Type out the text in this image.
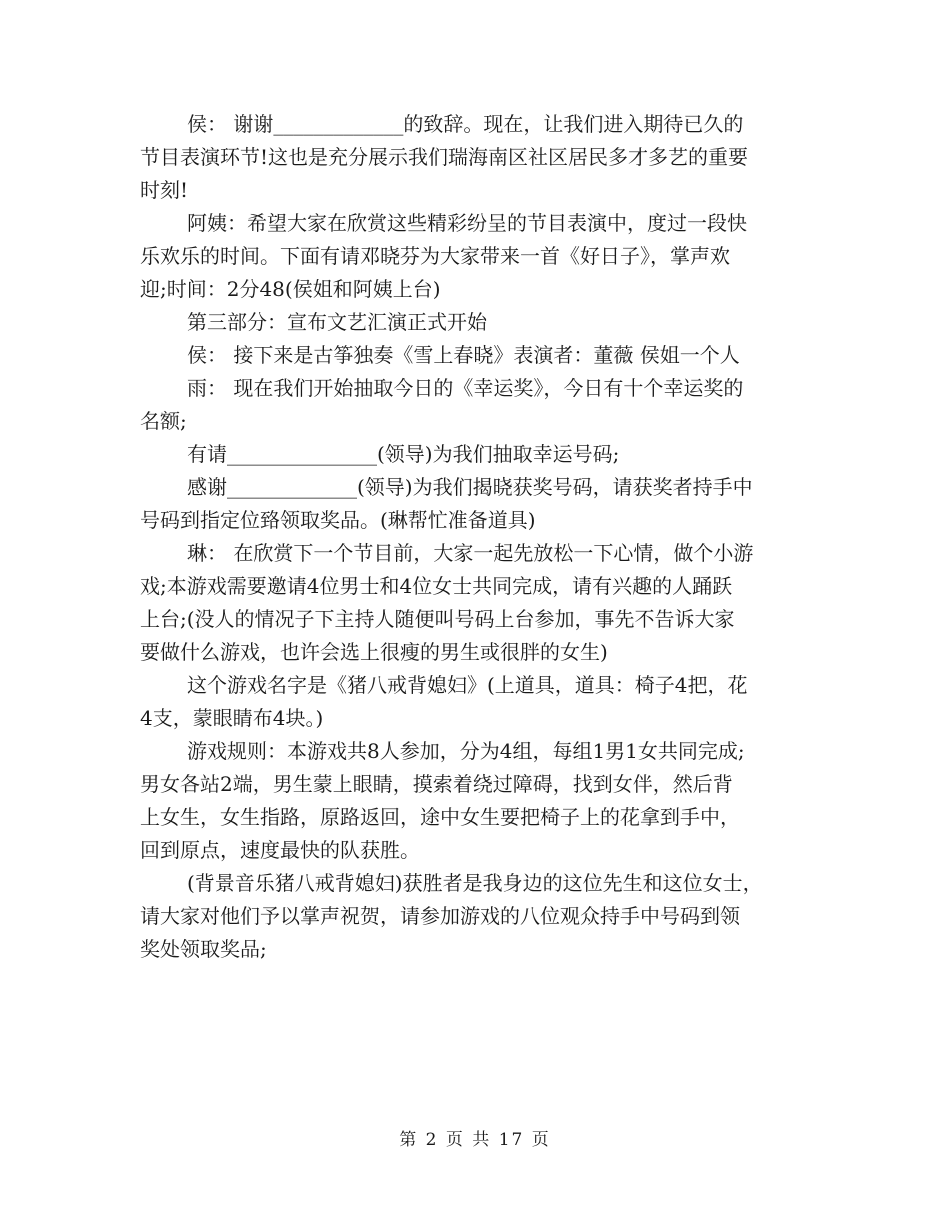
侯： 谢谢_____________的致辞。现在，让我们进入期待已久的

节目表演环节!这也是充分展示我们瑞海南区社区居民多才多艺的重要

时刻!

阿姨：希望大家在欣赏这些精彩纷呈的节目表演中，度过一段快

乐欢乐的时间。下面有请邓晓芬为大家带来一首《好日子》，掌声欢

迎;时间：2分48(侯姐和阿姨上台)

第三部分：宣布文艺汇演正式开始

侯： 接下来是古筝独奏《雪上春晓》表演者：董薇 侯姐一个人

雨： 现在我们开始抽取今日的《幸运奖》，今日有十个幸运奖的

名额;

有请_______________(领导)为我们抽取幸运号码;

感谢_____________(领导)为我们揭晓获奖号码，请获奖者持手中

号码到指定位臵领取奖品。(琳帮忙准备道具)

琳： 在欣赏下一个节目前，大家一起先放松一下心情，做个小游

戏;本游戏需要邀请4位男士和4位女士共同完成，请有兴趣的人踊跃

上台;(没人的情况子下主持人随便叫号码上台参加，事先不告诉大家

要做什么游戏，也许会选上很瘦的男生或很胖的女生)

这个游戏名字是《猪八戒背媳妇》(上道具，道具：椅子4把，花

4支，蒙眼睛布4块。)

游戏规则：本游戏共8人参加，分为4组，每组1男1女共同完成;

男女各站2端，男生蒙上眼睛，摸索着绕过障碍，找到女伴，然后背

上女生，女生指路，原路返回，途中女生要把椅子上的花拿到手中，

回到原点，速度最快的队获胜。

(背景音乐猪八戒背媳妇)获胜者是我身边的这位先生和这位女士，

请大家对他们予以掌声祝贺，请参加游戏的八位观众持手中号码到领

奖处领取奖品;

第 2 页 共 17 页
